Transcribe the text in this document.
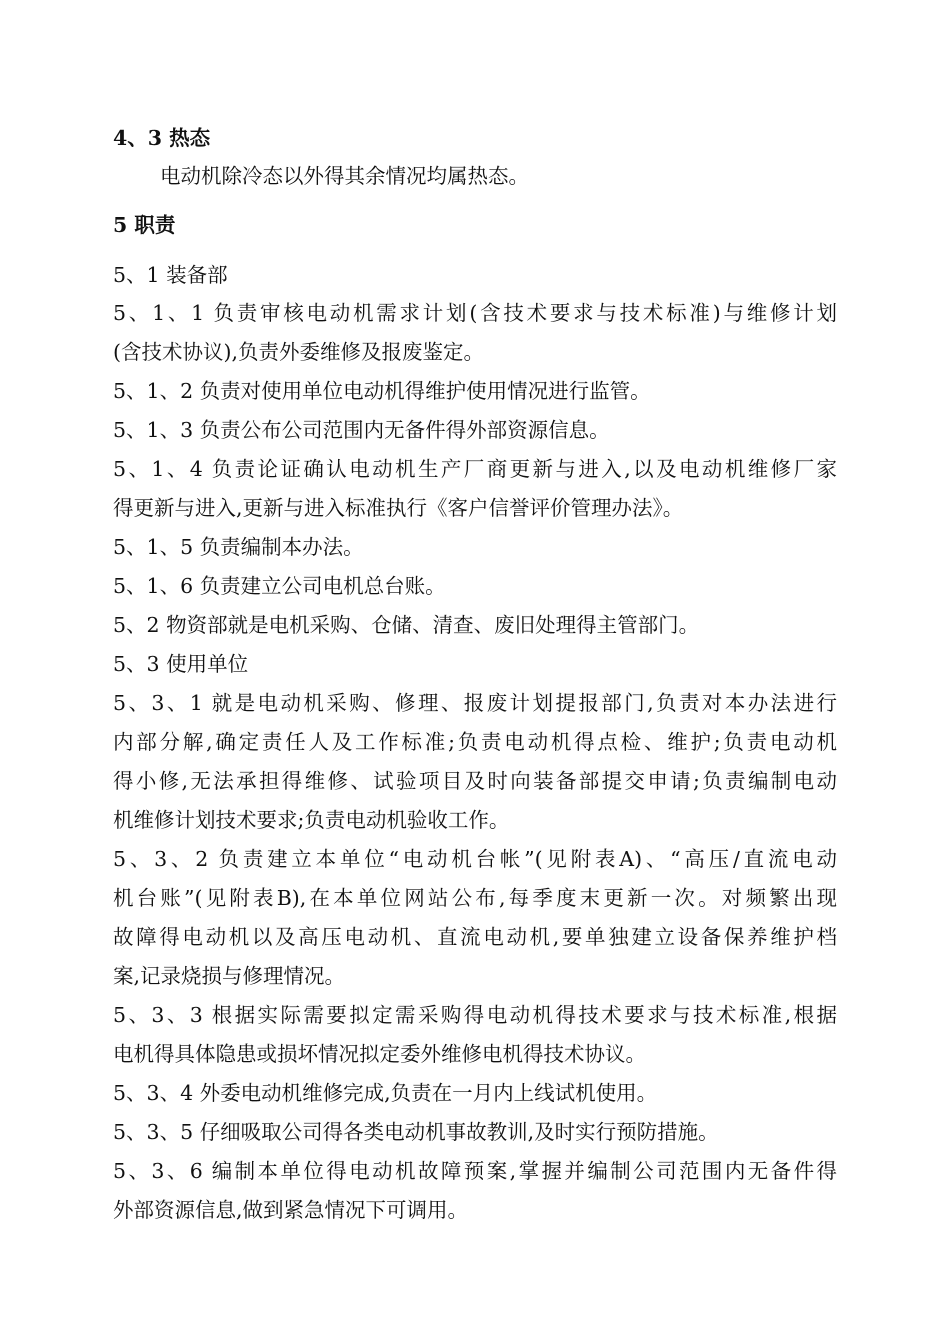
4、3 热态
电动机除冷态以外得其余情况均属热态。
5 职责
5、1 装备部
5、1、1 负责审核电动机需求计划(含技术要求与技术标准)与维修计划
(含技术协议),负责外委维修及报废鉴定。
5、1、2 负责对使用单位电动机得维护使用情况进行监管。
5、1、3 负责公布公司范围内无备件得外部资源信息。
5、1、4 负责论证确认电动机生产厂商更新与进入,以及电动机维修厂家
得更新与进入,更新与进入标准执行《客户信誉评价管理办法》。
5、1、5 负责编制本办法。
5、1、6 负责建立公司电机总台账。
5、2 物资部就是电机采购、仓储、清查、废旧处理得主管部门。
5、3 使用单位
5、3、1 就是电动机采购、修理、报废计划提报部门,负责对本办法进行
内部分解,确定责任人及工作标准;负责电动机得点检、维护;负责电动机
得小修,无法承担得维修、试验项目及时向装备部提交申请;负责编制电动
机维修计划技术要求;负责电动机验收工作。
5、3、2 负责建立本单位“电动机台帐”(见附表A)、“高压/直流电动
机台账”(见附表B),在本单位网站公布,每季度末更新一次。对频繁出现
故障得电动机以及高压电动机、直流电动机,要单独建立设备保养维护档
案,记录烧损与修理情况。
5、3、3 根据实际需要拟定需采购得电动机得技术要求与技术标准,根据
电机得具体隐患或损坏情况拟定委外维修电机得技术协议。
5、3、4 外委电动机维修完成,负责在一月内上线试机使用。
5、3、5 仔细吸取公司得各类电动机事故教训,及时实行预防措施。
5、3、6 编制本单位得电动机故障预案,掌握并编制公司范围内无备件得
外部资源信息,做到紧急情况下可调用。
